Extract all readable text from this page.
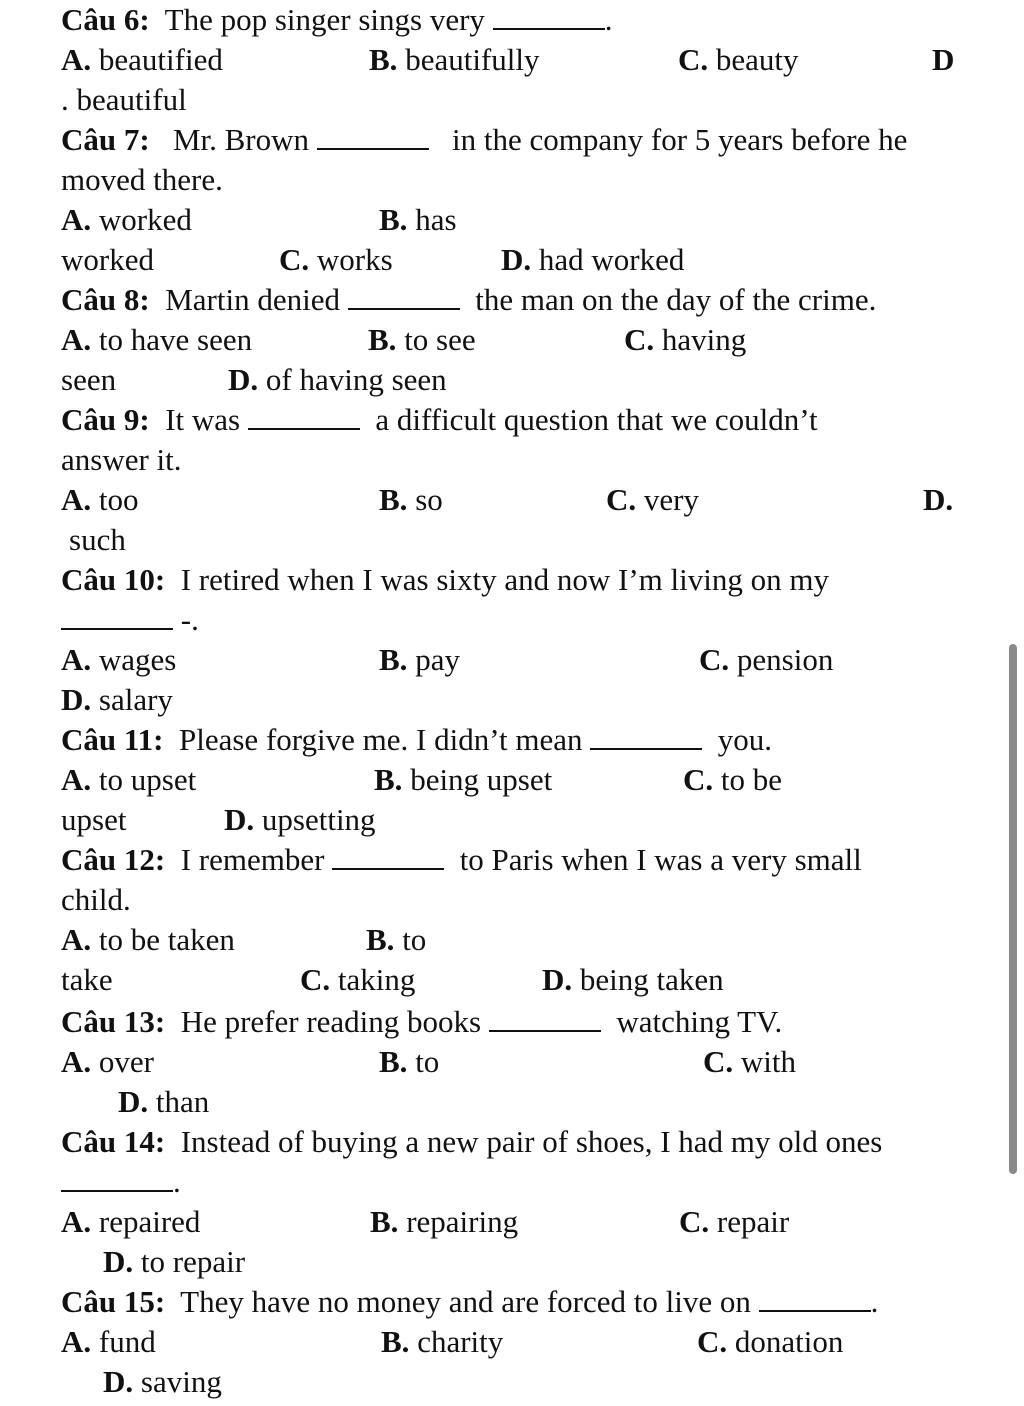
Câu 6: The pop singer sings very	.
A. beautified	B. beautifully	C. beauty	D
. beautiful
Câu 7: Mr. Brown	in the company for 5 years before he
moved there.
A. worked	B. has
worked	C. works	D. had worked
Câu 8: Martin denied	the man on the day of the crime.
A. to have seen	B. to see	C. having
seen	D. of having seen
Câu 9: It was	a difficult question that we couldn’t
answer it.
A. too	B. so	C. very	D.
such
Câu 10: I retired when I was sixty and now I’m living on my
-.
A. wages	B. pay	C. pension
D. salary
Câu 11: Please forgive me. I didn’t mean	you.
A. to upset	B. being upset	C. to be
upset	D. upsetting
Câu 12: I remember	to Paris when I was a very small
child.
A. to be taken	B. to
take	C. taking	D. being taken
Câu 13: He prefer reading books	watching TV.
A. over	B. to	C. with
D. than
Câu 14: Instead of buying a new pair of shoes, I had my old ones
.
A. repaired	B. repairing	C. repair
D. to repair
Câu 15: They have no money and are forced to live on	.
A. fund	B. charity	C. donation
D. saving
